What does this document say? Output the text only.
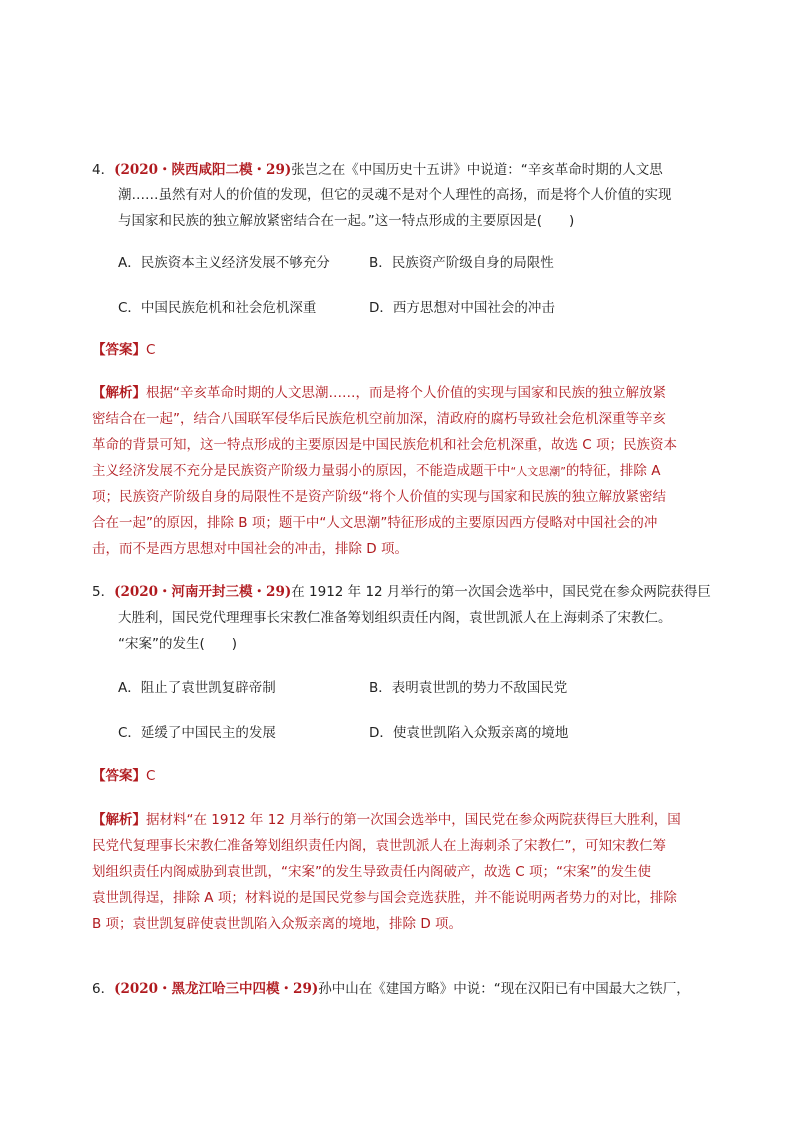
4．(2020・陕西咸阳二模・29)张岂之在《中国历史十五讲》中说道：“辛亥革命时期的人文思
潮……虽然有对人的价值的发现，但它的灵魂不是对个人理性的高扬，而是将个人价值的实现
与国家和民族的独立解放紧密结合在一起。”这一特点形成的主要原因是(　　)
A．民族资本主义经济发展不够充分	B．民族资产阶级自身的局限性
C．中国民族危机和社会危机深重	D．西方思想对中国社会的冲击
【答案】C
【解析】根据“辛亥革命时期的人文思潮……，而是将个人价值的实现与国家和民族的独立解放紧
密结合在一起”，结合八国联军侵华后民族危机空前加深，清政府的腐朽导致社会危机深重等辛亥
革命的背景可知，这一特点形成的主要原因是中国民族危机和社会危机深重，故选 C 项；民族资本
主义经济发展不充分是民族资产阶级力量弱小的原因，不能造成题干中“人文思潮”的特征，排除 A
项；民族资产阶级自身的局限性不是资产阶级“将个人价值的实现与国家和民族的独立解放紧密结
合在一起”的原因，排除 B 项；题干中“人文思潮”特征形成的主要原因西方侵略对中国社会的冲
击，而不是西方思想对中国社会的冲击，排除 D 项。
5．(2020・河南开封三模・29)在 1912 年 12 月举行的第一次国会选举中，国民党在参众两院获得巨
大胜利，国民党代理理事长宋教仁准备筹划组织责任内阁，袁世凯派人在上海刺杀了宋教仁。
“宋案”的发生(　　)
A．阻止了袁世凯复辟帝制	B．表明袁世凯的势力不敌国民党
C．延缓了中国民主的发展	D．使袁世凯陷入众叛亲离的境地
【答案】C
【解析】据材料“在 1912 年 12 月举行的第一次国会选举中，国民党在参众两院获得巨大胜利，国
民党代复理事长宋教仁准备筹划组织责任内阁，袁世凯派人在上海刺杀了宋教仁”，可知宋教仁筹
划组织责任内阁威胁到袁世凯，“宋案”的发生导致责任内阁破产，故选 C 项；“宋案”的发生使
袁世凯得逞，排除 A 项；材料说的是国民党参与国会竞选获胜，并不能说明两者势力的对比，排除
B 项；袁世凯复辟使袁世凯陷入众叛亲离的境地，排除 D 项。
6．(2020・黑龙江哈三中四模・29)孙中山在《建国方略》中说：“现在汉阳已有中国最大之铁厂，
